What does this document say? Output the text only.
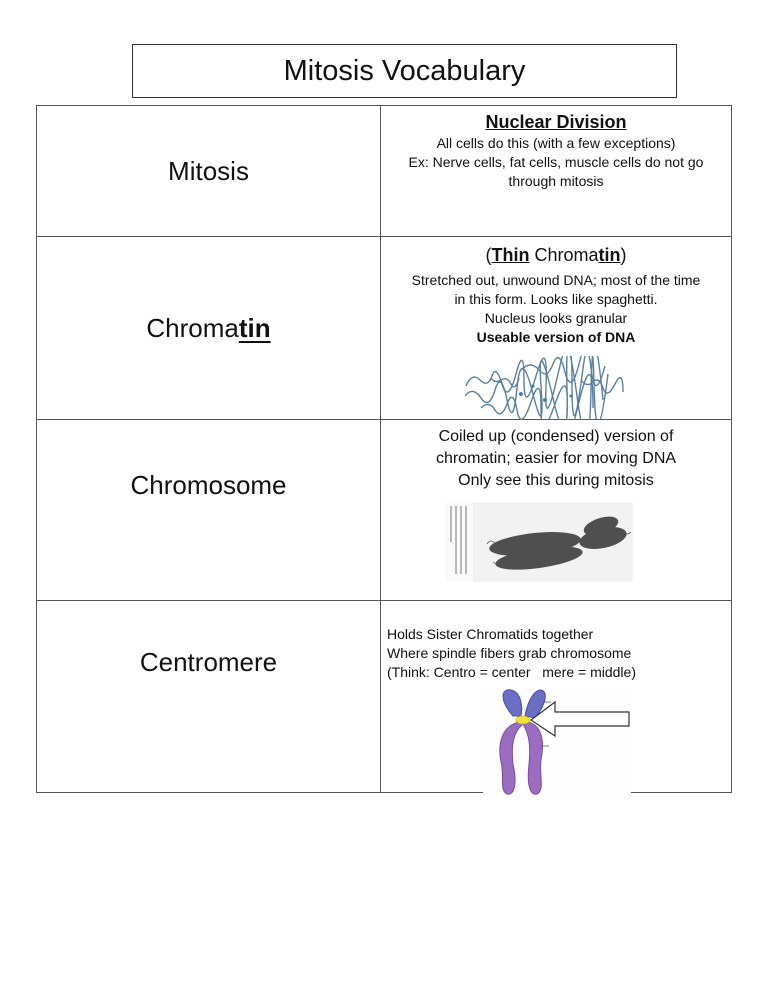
Mitosis Vocabulary
Mitosis	Nuclear Division
All cells do this (with a few exceptions)
Ex: Nerve cells, fat cells, muscle cells do not go through mitosis

Chromatin	(Thin Chromatin)
Stretched out, unwound DNA; most of the time in this form. Looks like spaghetti.
Nucleus looks granular
Useable version of DNA

Chromosome	Coiled up (condensed) version of chromatin; easier for moving DNA
Only see this during mitosis

Centromere	Holds Sister Chromatids together
Where spindle fibers grab chromosome
(Think: Centro = center   mere = middle)
